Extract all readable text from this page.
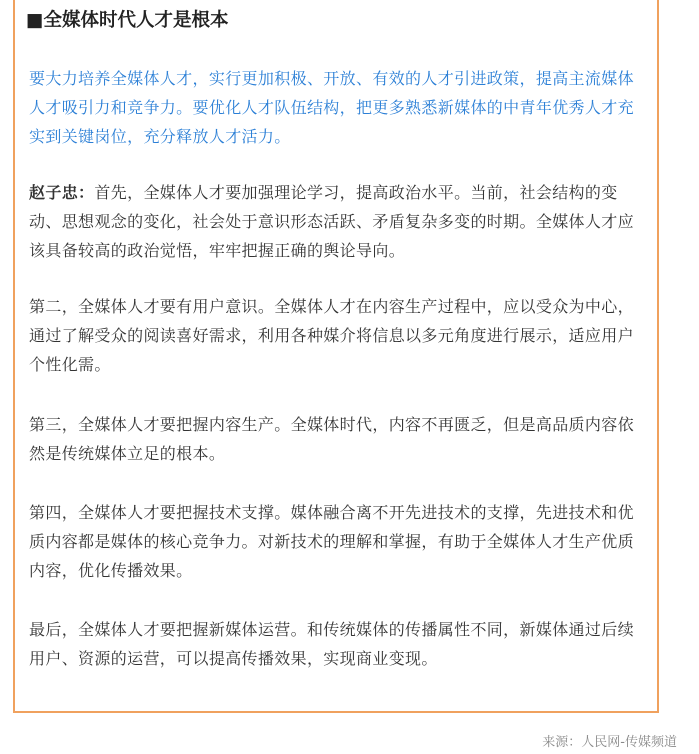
■全媒体时代人才是根本

要大力培养全媒体人才，实行更加积极、开放、有效的人才引进政策，提高主流媒体人才吸引力和竞争力。要优化人才队伍结构，把更多熟悉新媒体的中青年优秀人才充实到关键岗位，充分释放人才活力。

赵子忠：首先，全媒体人才要加强理论学习，提高政治水平。当前，社会结构的变动、思想观念的变化，社会处于意识形态活跃、矛盾复杂多变的时期。全媒体人才应该具备较高的政治觉悟，牢牢把握正确的舆论导向。

第二，全媒体人才要有用户意识。全媒体人才在内容生产过程中，应以受众为中心，通过了解受众的阅读喜好需求，利用各种媒介将信息以多元角度进行展示，适应用户个性化需。

第三，全媒体人才要把握内容生产。全媒体时代，内容不再匮乏，但是高品质内容依然是传统媒体立足的根本。

第四，全媒体人才要把握技术支撑。媒体融合离不开先进技术的支撑，先进技术和优质内容都是媒体的核心竞争力。对新技术的理解和掌握，有助于全媒体人才生产优质内容，优化传播效果。

最后，全媒体人才要把握新媒体运营。和传统媒体的传播属性不同，新媒体通过后续用户、资源的运营，可以提高传播效果，实现商业变现。

来源：人民网-传媒频道
